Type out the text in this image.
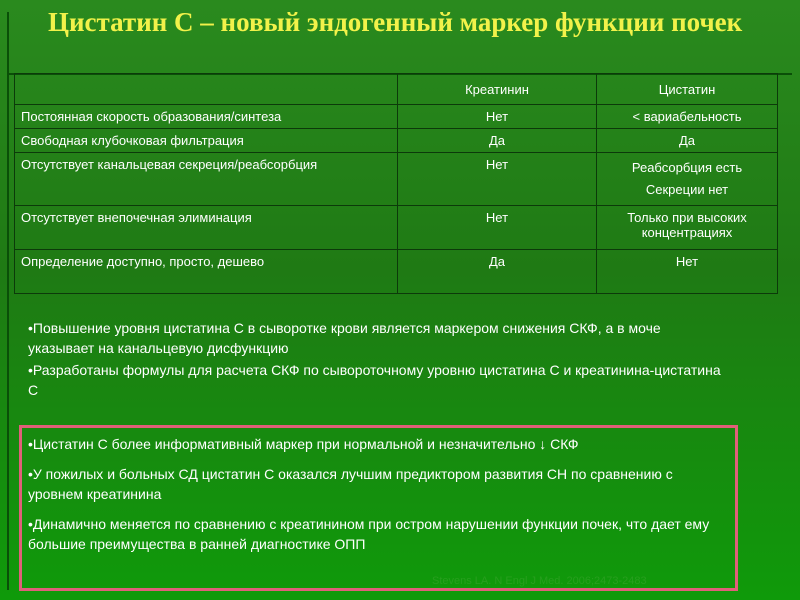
Цистатин С – новый эндогенный маркер функции почек
	Креатинин	Цистатин
Постоянная скорость образования/синтеза	Нет	< вариабельность
Свободная клубочковая фильтрация	Да	Да
Отсутствует канальцевая секреция/реабсорбция	Нет	Реабсорбция есть
Секреции нет
Отсутствует внепочечная элиминация	Нет	Только при высоких концентрациях
Определение доступно, просто, дешево	Да	Нет
•Повышение уровня цистатина С в сыворотке крови является маркером снижения СКФ, а в моче указывает на канальцевую дисфункцию
•Разработаны формулы для расчета СКФ по сывороточному уровню цистатина С и креатинина-цистатина С
•Цистатин С более информативный маркер при нормальной и незначительно ↓ СКФ
•У пожилых и больных СД цистатин С оказался лучшим предиктором развития СН по сравнению с уровнем креатинина
•Динамично меняется по сравнению с креатинином при остром нарушении функции почек, что дает ему большие преимущества в ранней диагностике ОПП
Stevens LA. N Engl J Med. 2006;2473-2483
